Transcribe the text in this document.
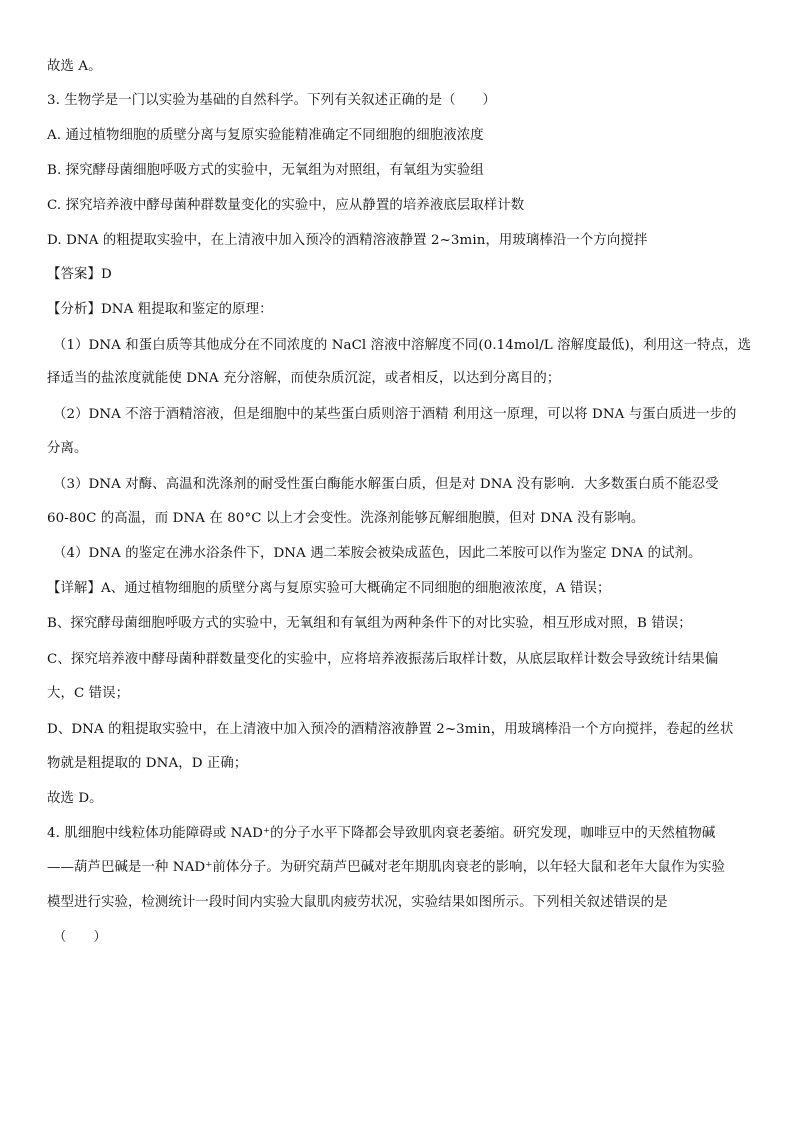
故选 A。
3. 生物学是一门以实验为基础的自然科学。下列有关叙述正确的是（　　）
A. 通过植物细胞的质壁分离与复原实验能精准确定不同细胞的细胞液浓度
B. 探究酵母菌细胞呼吸方式的实验中，无氧组为对照组，有氧组为实验组
C. 探究培养液中酵母菌种群数量变化的实验中，应从静置的培养液底层取样计数
D. DNA 的粗提取实验中，在上清液中加入预冷的酒精溶液静置 2~3min，用玻璃棒沿一个方向搅拌
【答案】D
【分析】DNA 粗提取和鉴定的原理：
（1）DNA 和蛋白质等其他成分在不同浓度的 NaCl 溶液中溶解度不同(0.14mol/L 溶解度最低)，利用这一特点，选
择适当的盐浓度就能使 DNA 充分溶解，而使杂质沉淀，或者相反，以达到分离目的；
（2）DNA 不溶于酒精溶液，但是细胞中的某些蛋白质则溶于酒精 利用这一原理，可以将 DNA 与蛋白质进一步的
分离。
（3）DNA 对酶、高温和洗涤剂的耐受性蛋白酶能水解蛋白质，但是对 DNA 没有影响．大多数蛋白质不能忍受
60-80C 的高温，而 DNA 在 80°C 以上才会变性。洗涤剂能够瓦解细胞膜，但对 DNA 没有影响。
（4）DNA 的鉴定在沸水浴条件下，DNA 遇二苯胺会被染成蓝色，因此二苯胺可以作为鉴定 DNA 的试剂。
【详解】A、通过植物细胞的质壁分离与复原实验可大概确定不同细胞的细胞液浓度，A 错误；
B、探究酵母菌细胞呼吸方式的实验中，无氧组和有氧组为两种条件下的对比实验，相互形成对照，B 错误；
C、探究培养液中酵母菌种群数量变化的实验中，应将培养液振荡后取样计数，从底层取样计数会导致统计结果偏
大，C 错误；
D、DNA 的粗提取实验中，在上清液中加入预冷的酒精溶液静置 2~3min，用玻璃棒沿一个方向搅拌，卷起的丝状
物就是粗提取的 DNA，D 正确；
故选 D。
4. 肌细胞中线粒体功能障碍或 NAD⁺的分子水平下降都会导致肌肉衰老萎缩。研究发现，咖啡豆中的天然植物碱
——葫芦巴碱是一种 NAD⁺前体分子。为研究葫芦巴碱对老年期肌肉衰老的影响，以年轻大鼠和老年大鼠作为实验
模型进行实验，检测统计一段时间内实验大鼠肌肉疲劳状况，实验结果如图所示。下列相关叙述错误的是
（　　）
